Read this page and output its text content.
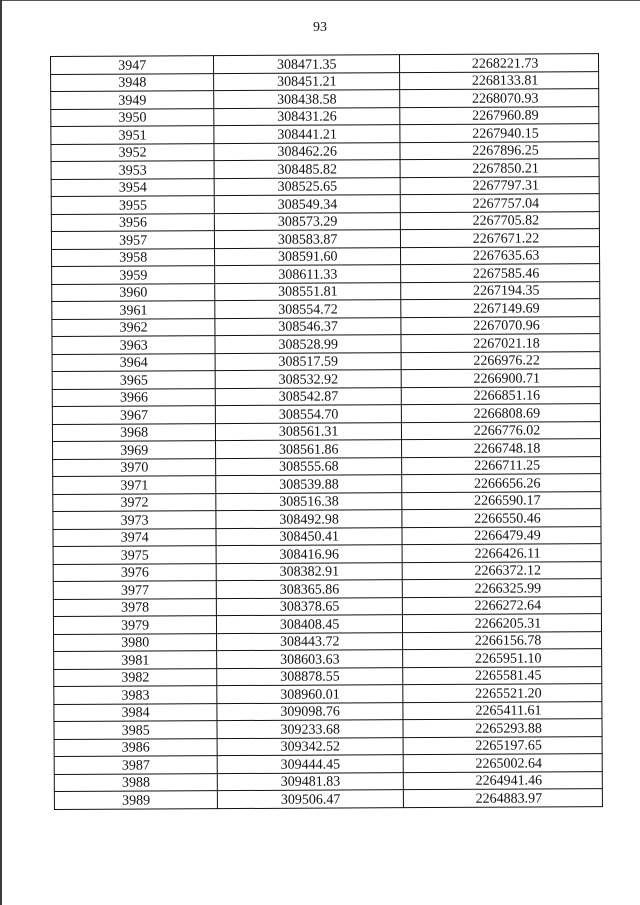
93
3947	308471.35	2268221.73
3948	308451.21	2268133.81
3949	308438.58	2268070.93
3950	308431.26	2267960.89
3951	308441.21	2267940.15
3952	308462.26	2267896.25
3953	308485.82	2267850.21
3954	308525.65	2267797.31
3955	308549.34	2267757.04
3956	308573.29	2267705.82
3957	308583.87	2267671.22
3958	308591.60	2267635.63
3959	308611.33	2267585.46
3960	308551.81	2267194.35
3961	308554.72	2267149.69
3962	308546.37	2267070.96
3963	308528.99	2267021.18
3964	308517.59	2266976.22
3965	308532.92	2266900.71
3966	308542.87	2266851.16
3967	308554.70	2266808.69
3968	308561.31	2266776.02
3969	308561.86	2266748.18
3970	308555.68	2266711.25
3971	308539.88	2266656.26
3972	308516.38	2266590.17
3973	308492.98	2266550.46
3974	308450.41	2266479.49
3975	308416.96	2266426.11
3976	308382.91	2266372.12
3977	308365.86	2266325.99
3978	308378.65	2266272.64
3979	308408.45	2266205.31
3980	308443.72	2266156.78
3981	308603.63	2265951.10
3982	308878.55	2265581.45
3983	308960.01	2265521.20
3984	309098.76	2265411.61
3985	309233.68	2265293.88
3986	309342.52	2265197.65
3987	309444.45	2265002.64
3988	309481.83	2264941.46
3989	309506.47	2264883.97
